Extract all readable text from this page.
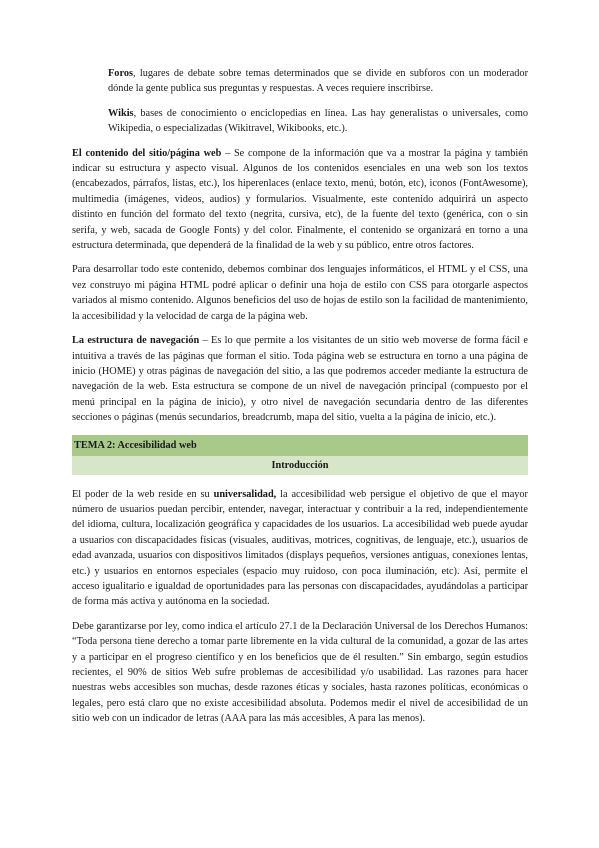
Foros, lugares de debate sobre temas determinados que se divide en subforos con un moderador dónde la gente publica sus preguntas y respuestas. A veces requiere inscribirse.

Wikis, bases de conocimiento o enciclopedias en línea. Las hay generalistas o universales, como Wikipedia, o especializadas (Wikitravel, Wikibooks, etc.).

El contenido del sitio/página web – Se compone de la información que va a mostrar la página y también indicar su estructura y aspecto visual. Algunos de los contenidos esenciales en una web son los textos (encabezados, párrafos, listas, etc.), los hiperenlaces (enlace texto, menú, botón, etc), iconos (FontAwesome), multimedia (imágenes, videos, audios) y formularios. Visualmente, este contenido adquirirá un aspecto distinto en función del formato del texto (negrita, cursiva, etc), de la fuente del texto (genérica, con o sin serifa, y web, sacada de Google Fonts) y del color. Finalmente, el contenido se organizará en torno a una estructura determinada, que dependerá de la finalidad de la web y su público, entre otros factores.

Para desarrollar todo este contenido, debemos combinar dos lenguajes informáticos, el HTML y el CSS, una vez construyo mi página HTML podré aplicar o definir una hoja de estilo con CSS para otorgarle aspectos variados al mismo contenido. Algunos beneficios del uso de hojas de estilo son la facilidad de mantenimiento, la accesibilidad y la velocidad de carga de la página web.

La estructura de navegación – Es lo que permite a los visitantes de un sitio web moverse de forma fácil e intuitiva a través de las páginas que forman el sitio. Toda página web se estructura en torno a una página de inicio (HOME) y otras páginas de navegación del sitio, a las que podremos acceder mediante la estructura de navegación de la web. Esta estructura se compone de un nivel de navegación principal (compuesto por el menú principal en la página de inicio), y otro nivel de navegación secundaria dentro de las diferentes secciones o páginas (menús secundarios, breadcrumb, mapa del sitio, vuelta a la página de inicio, etc.).

TEMA 2: Accesibilidad web
Introducción

El poder de la web reside en su universalidad, la accesibilidad web persigue el objetivo de que el mayor número de usuarios puedan percibir, entender, navegar, interactuar y contribuir a la red, independientemente del idioma, cultura, localización geográfica y capacidades de los usuarios. La accesibilidad web puede ayudar a usuarios con discapacidades físicas (visuales, auditivas, motrices, cognitivas, de lenguaje, etc.), usuarios de edad avanzada, usuarios con dispositivos limitados (displays pequeños, versiones antiguas, conexiones lentas, etc.) y usuarios en entornos especiales (espacio muy ruidoso, con poca iluminación, etc). Así, permite el acceso igualitario e igualdad de oportunidades para las personas con discapacidades, ayudándolas a participar de forma más activa y autónoma en la sociedad.

Debe garantizarse por ley, como indica el artículo 27.1 de la Declaración Universal de los Derechos Humanos: “Toda persona tiene derecho a tomar parte libremente en la vida cultural de la comunidad, a gozar de las artes y a participar en el progreso científico y en los beneficios que de él resulten.” Sin embargo, según estudios recientes, el 90% de sitios Web sufre problemas de accesibilidad y/o usabilidad. Las razones para hacer nuestras webs accesibles son muchas, desde razones éticas y sociales, hasta razones políticas, económicas o legales, pero está claro que no existe accesibilidad absoluta. Podemos medir el nivel de accesibilidad de un sitio web con un indicador de letras (AAA para las más accesibles, A para las menos).
